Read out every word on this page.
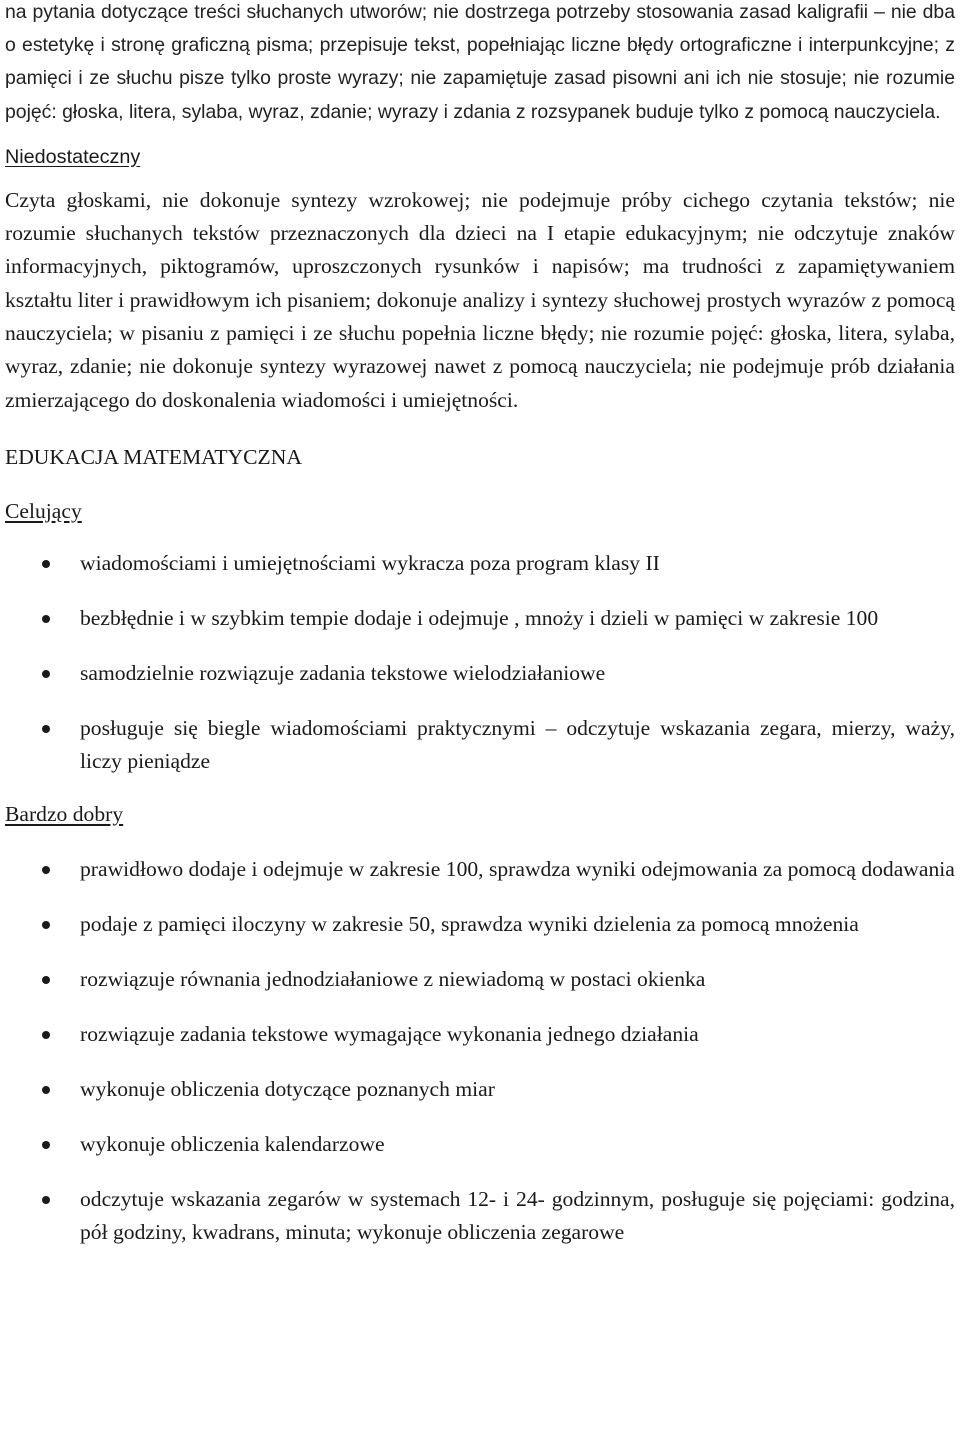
na pytania dotyczące treści słuchanych utworów; nie dostrzega potrzeby stosowania zasad kaligrafii – nie dba o estetykę i stronę graficzną pisma; przepisuje tekst, popełniając liczne błędy ortograficzne i interpunkcyjne; z pamięci i ze słuchu pisze tylko proste wyrazy; nie zapamiętuje zasad pisowni ani ich nie stosuje; nie rozumie pojęć: głoska, litera, sylaba, wyraz, zdanie; wyrazy i zdania z rozsypanek buduje tylko z pomocą nauczyciela.

Niedostateczny

Czyta głoskami, nie dokonuje syntezy wzrokowej; nie podejmuje próby cichego czytania tekstów; nie rozumie słuchanych tekstów przeznaczonych dla dzieci na I etapie edukacyjnym; nie odczytuje znaków informacyjnych, piktogramów, uproszczonych rysunków i napisów; ma trudności z zapamiętywaniem kształtu liter i prawidłowym ich pisaniem; dokonuje analizy i syntezy słuchowej prostych wyrazów z pomocą nauczyciela; w pisaniu z pamięci i ze słuchu popełnia liczne błędy; nie rozumie pojęć: głoska, litera, sylaba, wyraz, zdanie; nie dokonuje syntezy wyrazowej nawet z pomocą nauczyciela; nie podejmuje prób działania zmierzającego do doskonalenia wiadomości i umiejętności.

EDUKACJA MATEMATYCZNA

Celujący
wiadomościami i umiejętnościami wykracza poza program klasy II
bezbłędnie i w szybkim tempie dodaje i odejmuje , mnoży i dzieli w pamięci w zakresie 100
samodzielnie rozwiązuje zadania tekstowe wielodziałaniowe
posługuje się biegle wiadomościami praktycznymi – odczytuje wskazania zegara, mierzy, waży, liczy pieniądze
Bardzo dobry
prawidłowo dodaje i odejmuje w zakresie 100, sprawdza wyniki odejmowania za pomocą dodawania
podaje z pamięci iloczyny w zakresie 50, sprawdza wyniki dzielenia za pomocą mnożenia
rozwiązuje równania jednodziałaniowe z niewiadomą w postaci okienka
rozwiązuje zadania tekstowe wymagające wykonania jednego działania
wykonuje obliczenia dotyczące poznanych miar
wykonuje obliczenia kalendarzowe
odczytuje wskazania zegarów w systemach 12- i 24- godzinnym, posługuje się pojęciami: godzina, pół godziny, kwadrans, minuta; wykonuje obliczenia zegarowe
